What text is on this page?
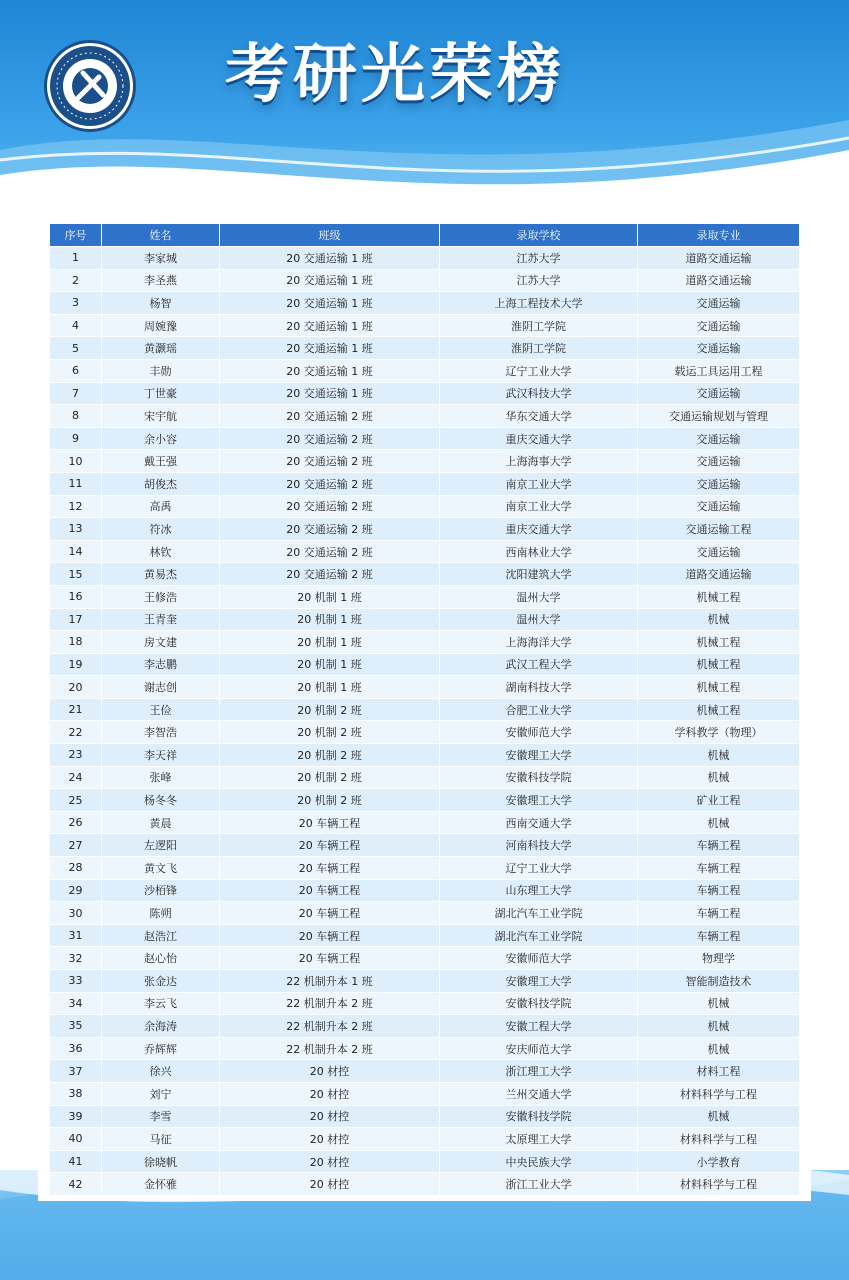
考研光荣榜
序号	姓名	班级	录取学校	录取专业
1	李家城	20 交通运输 1 班	江苏大学	道路交通运输
2	李圣燕	20 交通运输 1 班	江苏大学	道路交通运输
3	杨智	20 交通运输 1 班	上海工程技术大学	交通运输
4	周婉豫	20 交通运输 1 班	淮阴工学院	交通运输
5	黄灏瑶	20 交通运输 1 班	淮阴工学院	交通运输
6	丰勋	20 交通运输 1 班	辽宁工业大学	载运工具运用工程
7	丁世豪	20 交通运输 1 班	武汉科技大学	交通运输
8	宋宇航	20 交通运输 2 班	华东交通大学	交通运输规划与管理
9	余小容	20 交通运输 2 班	重庆交通大学	交通运输
10	戴王强	20 交通运输 2 班	上海海事大学	交通运输
11	胡俊杰	20 交通运输 2 班	南京工业大学	交通运输
12	高禹	20 交通运输 2 班	南京工业大学	交通运输
13	符冰	20 交通运输 2 班	重庆交通大学	交通运输工程
14	林钦	20 交通运输 2 班	西南林业大学	交通运输
15	黄易杰	20 交通运输 2 班	沈阳建筑大学	道路交通运输
16	王修浩	20 机制 1 班	温州大学	机械工程
17	王青奎	20 机制 1 班	温州大学	机械
18	房文建	20 机制 1 班	上海海洋大学	机械工程
19	李志鹏	20 机制 1 班	武汉工程大学	机械工程
20	谢志创	20 机制 1 班	湖南科技大学	机械工程
21	王俭	20 机制 2 班	合肥工业大学	机械工程
22	李智浩	20 机制 2 班	安徽师范大学	学科教学（物理）
23	李天祥	20 机制 2 班	安徽理工大学	机械
24	张峰	20 机制 2 班	安徽科技学院	机械
25	杨冬冬	20 机制 2 班	安徽理工大学	矿业工程
26	黄晨	20 车辆工程	西南交通大学	机械
27	左逻阳	20 车辆工程	河南科技大学	车辆工程
28	黄文飞	20 车辆工程	辽宁工业大学	车辆工程
29	沙栢锋	20 车辆工程	山东理工大学	车辆工程
30	陈朔	20 车辆工程	湖北汽车工业学院	车辆工程
31	赵浩江	20 车辆工程	湖北汽车工业学院	车辆工程
32	赵心怡	20 车辆工程	安徽师范大学	物理学
33	张金达	22 机制升本 1 班	安徽理工大学	智能制造技术
34	李云飞	22 机制升本 2 班	安徽科技学院	机械
35	余海涛	22 机制升本 2 班	安徽工程大学	机械
36	乔辉辉	22 机制升本 2 班	安庆师范大学	机械
37	徐兴	20 材控	浙江理工大学	材料工程
38	刘宁	20 材控	兰州交通大学	材料科学与工程
39	李雪	20 材控	安徽科技学院	机械
40	马征	20 材控	太原理工大学	材料科学与工程
41	徐晓帆	20 材控	中央民族大学	小学教育
42	金怀雅	20 材控	浙江工业大学	材料科学与工程
